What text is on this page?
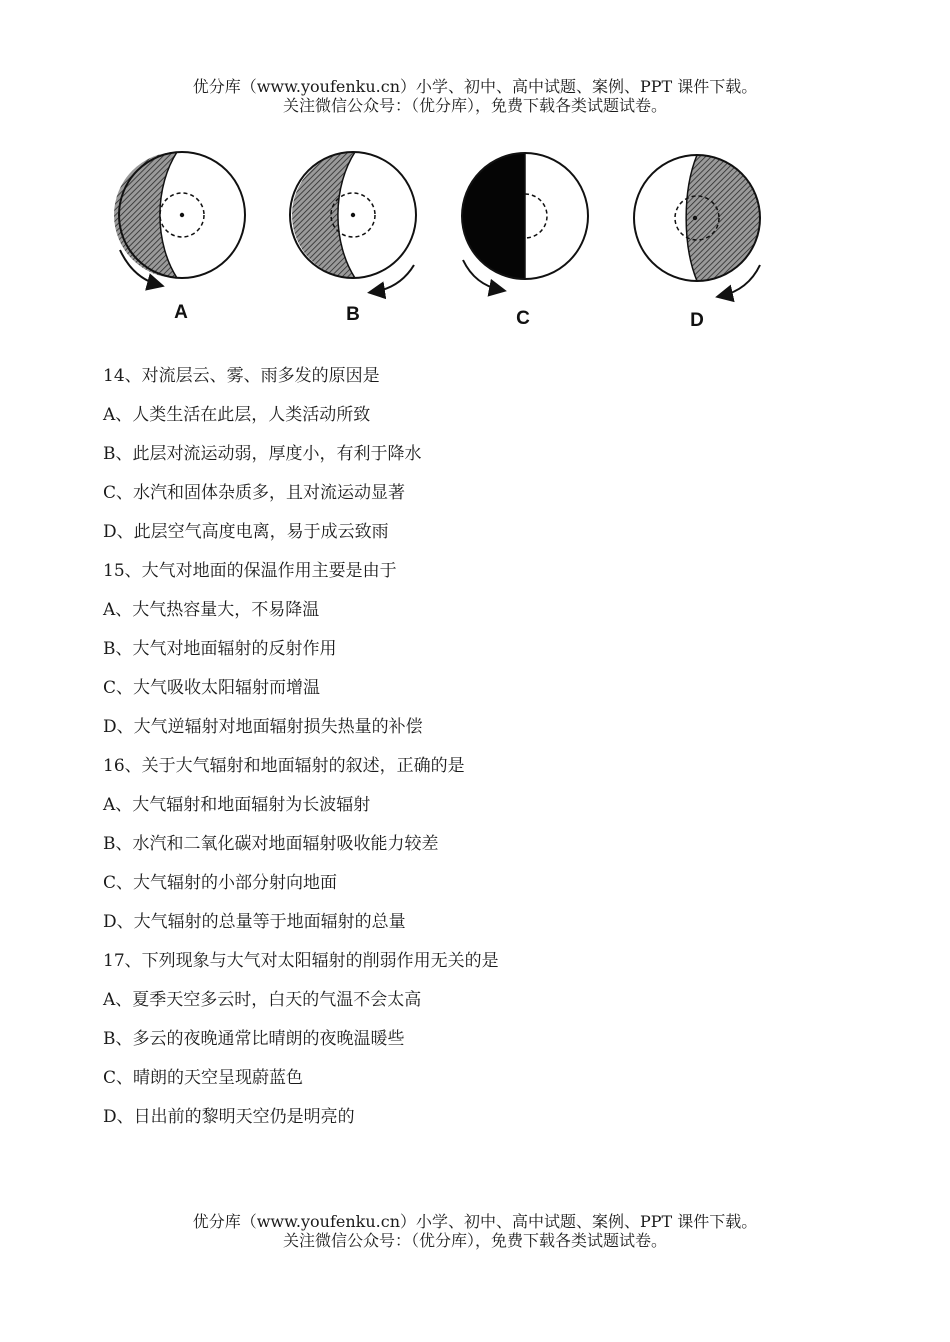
优分库（www.youfenku.cn）小学、初中、高中试题、案例、PPT 课件下载。
关注微信公众号：（优分库），免费下载各类试题试卷。
A	B	C	D
14、对流层云、雾、雨多发的原因是
A、人类生活在此层，人类活动所致
B、此层对流运动弱，厚度小，有利于降水
C、水汽和固体杂质多，且对流运动显著
D、此层空气高度电离，易于成云致雨
15、大气对地面的保温作用主要是由于
A、大气热容量大，不易降温
B、大气对地面辐射的反射作用
C、大气吸收太阳辐射而增温
D、大气逆辐射对地面辐射损失热量的补偿
16、关于大气辐射和地面辐射的叙述，正确的是
A、大气辐射和地面辐射为长波辐射
B、水汽和二氧化碳对地面辐射吸收能力较差
C、大气辐射的小部分射向地面
D、大气辐射的总量等于地面辐射的总量
17、下列现象与大气对太阳辐射的削弱作用无关的是
A、夏季天空多云时，白天的气温不会太高
B、多云的夜晚通常比晴朗的夜晚温暖些
C、晴朗的天空呈现蔚蓝色
D、日出前的黎明天空仍是明亮的
优分库（www.youfenku.cn）小学、初中、高中试题、案例、PPT 课件下载。
关注微信公众号：（优分库），免费下载各类试题试卷。
